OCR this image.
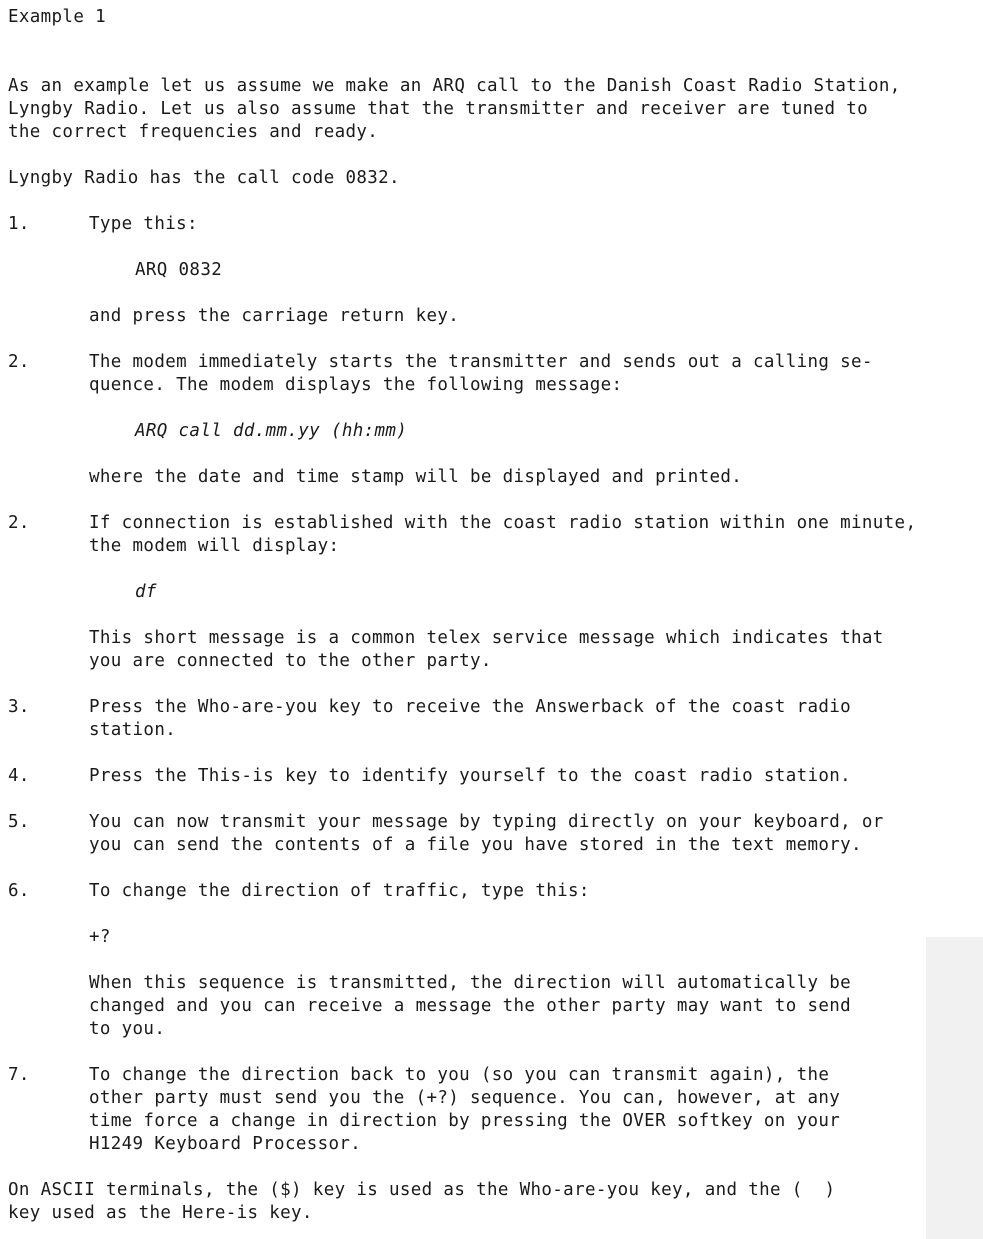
Example 1
As an example let us assume we make an ARQ call to the Danish Coast Radio Station,
Lyngby Radio. Let us also assume that the transmitter and receiver are tuned to
the correct frequencies and ready.
Lyngby Radio has the call code 0832.
1.	Type this:
ARQ 0832
and press the carriage return key.
2.	The modem immediately starts the transmitter and sends out a calling se-
quence. The modem displays the following message:
ARQ call dd.mm.yy (hh:mm)
where the date and time stamp will be displayed and printed.
2.	If connection is established with the coast radio station within one minute,
the modem will display:
df
This short message is a common telex service message which indicates that
you are connected to the other party.
3.	Press the Who-are-you key to receive the Answerback of the coast radio
station.
4.	Press the This-is key to identify yourself to the coast radio station.
5.	You can now transmit your message by typing directly on your keyboard, or
you can send the contents of a file you have stored in the text memory.
6.	To change the direction of traffic, type this:
+?
When this sequence is transmitted, the direction will automatically be
changed and you can receive a message the other party may want to send
to you.
7.	To change the direction back to you (so you can transmit again), the
other party must send you the (+?) sequence. You can, however, at any
time force a change in direction by pressing the OVER softkey on your
H1249 Keyboard Processor.
On ASCII terminals, the ($) key is used as the Who-are-you key, and the (  )
key used as the Here-is key.
